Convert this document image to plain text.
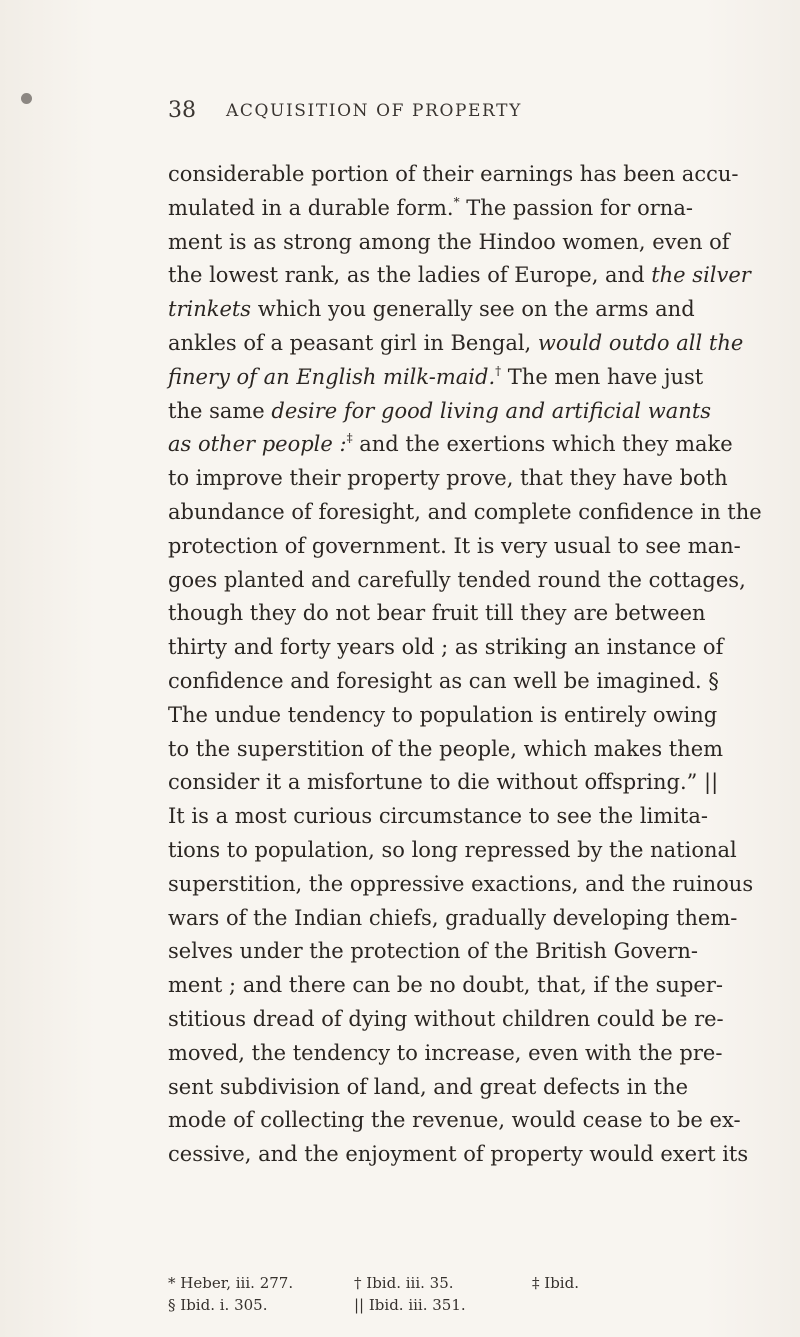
38 ACQUISITION OF PROPERTY
considerable portion of their earnings has been accu-
mulated in a durable form.* The passion for orna-
ment is as strong among the Hindoo women, even of
the lowest rank, as the ladies of Europe, and the silver
trinkets which you generally see on the arms and
ankles of a peasant girl in Bengal, would outdo all the
finery of an English milk-maid.† The men have just
the same desire for good living and artificial wants
as other people :‡ and the exertions which they make
to improve their property prove, that they have both
abundance of foresight, and complete confidence in the
protection of government. It is very usual to see man-
goes planted and carefully tended round the cottages,
though they do not bear fruit till they are between
thirty and forty years old ; as striking an instance of
confidence and foresight as can well be imagined. §
The undue tendency to population is entirely owing
to the superstition of the people, which makes them
consider it a misfortune to die without offspring.” ||
It is a most curious circumstance to see the limita-
tions to population, so long repressed by the national
superstition, the oppressive exactions, and the ruinous
wars of the Indian chiefs, gradually developing them-
selves under the protection of the British Govern-
ment ; and there can be no doubt, that, if the super-
stitious dread of dying without children could be re-
moved, the tendency to increase, even with the pre-
sent subdivision of land, and great defects in the
mode of collecting the revenue, would cease to be ex-
cessive, and the enjoyment of property would exert its
* Heber, iii. 277.	† Ibid. iii. 35.	‡ Ibid.
§ Ibid. i. 305.	|| Ibid. iii. 351.
